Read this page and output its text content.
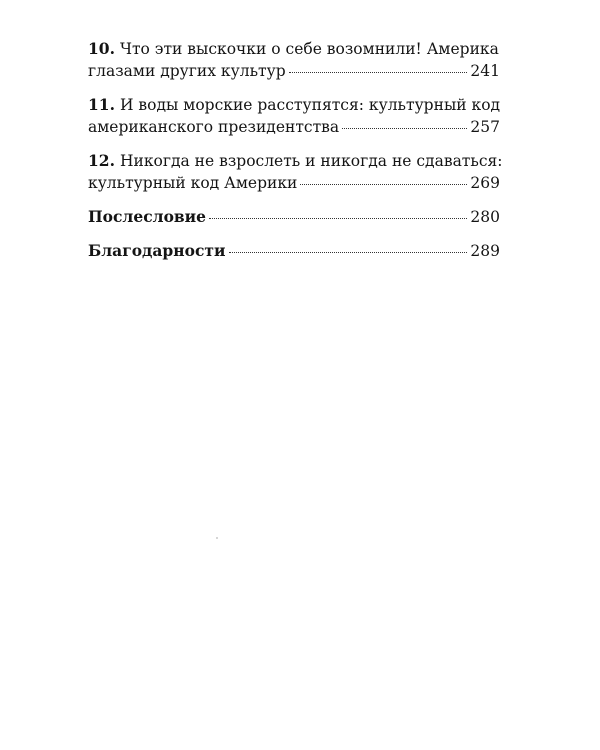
10. Что эти выскочки о себе возомнили! Америка
глазами других культур	241
11. И воды морские расступятся: культурный код
американского президентства	257
12. Никогда не взрослеть и никогда не сдаваться:
культурный код Америки	269
Послесловие	280
Благодарности	289
